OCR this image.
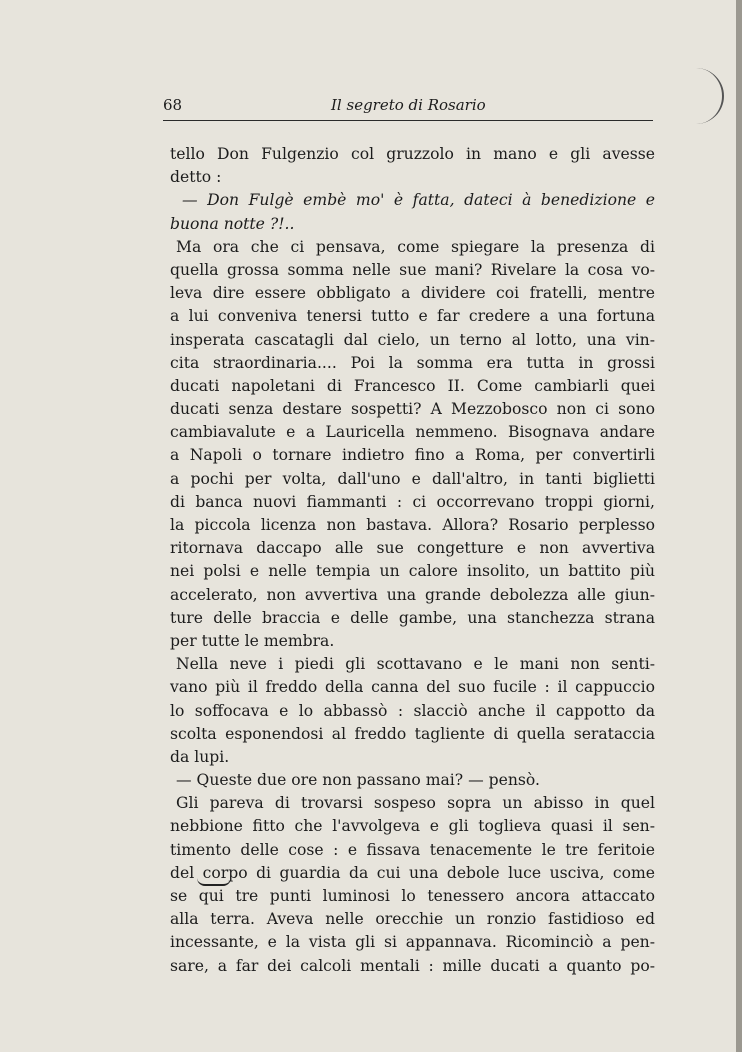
68	Il segreto di Rosario
tello Don Fulgenzio col gruzzolo in mano e gli avesse
detto :
— Don Fulgè embè mo' è fatta, dateci à benedizione e
buona notte ?!..
Ma ora che ci pensava, come spiegare la presenza di
quella grossa somma nelle sue mani? Rivelare la cosa vo-
leva dire essere obbligato a dividere coi fratelli, mentre
a lui conveniva tenersi tutto e far credere a una fortuna
insperata cascatagli dal cielo, un terno al lotto, una vin-
cita straordinaria.... Poi la somma era tutta in grossi
ducati napoletani di Francesco II. Come cambiarli quei
ducati senza destare sospetti? A Mezzobosco non ci sono
cambiavalute e a Lauricella nemmeno. Bisognava andare
a Napoli o tornare indietro fino a Roma, per convertirli
a pochi per volta, dall'uno e dall'altro, in tanti biglietti
di banca nuovi fiammanti : ci occorrevano troppi giorni,
la piccola licenza non bastava. Allora? Rosario perplesso
ritornava daccapo alle sue congetture e non avvertiva
nei polsi e nelle tempia un calore insolito, un battito più
accelerato, non avvertiva una grande debolezza alle giun-
ture delle braccia e delle gambe, una stanchezza strana
per tutte le membra.
Nella neve i piedi gli scottavano e le mani non senti-
vano più il freddo della canna del suo fucile : il cappuccio
lo soffocava e lo abbassò : slacciò anche il cappotto da
scolta esponendosi al freddo tagliente di quella serataccia
da lupi.
— Queste due ore non passano mai? — pensò.
Gli pareva di trovarsi sospeso sopra un abisso in quel
nebbione fitto che l'avvolgeva e gli toglieva quasi il sen-
timento delle cose : e fissava tenacemente le tre feritoie
del corpo di guardia da cui una debole luce usciva, come
se qui tre punti luminosi lo tenessero ancora attaccato
alla terra. Aveva nelle orecchie un ronzio fastidioso ed
incessante, e la vista gli si appannava. Ricominciò a pen-
sare, a far dei calcoli mentali : mille ducati a quanto po-
